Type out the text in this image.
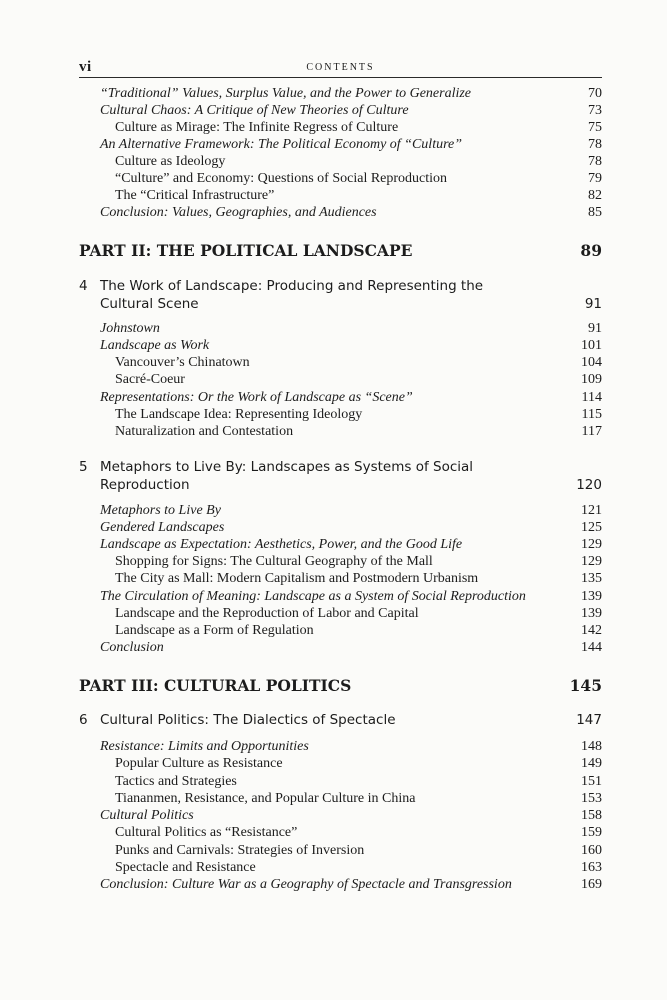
vi	CONTENTS
“Traditional” Values, Surplus Value, and the Power to Generalize	70
Cultural Chaos: A Critique of New Theories of Culture	73
Culture as Mirage: The Infinite Regress of Culture	75
An Alternative Framework: The Political Economy of “Culture”	78
Culture as Ideology	78
“Culture” and Economy: Questions of Social Reproduction	79
The “Critical Infrastructure”	82
Conclusion: Values, Geographies, and Audiences	85
PART II: THE POLITICAL LANDSCAPE	89
4 The Work of Landscape: Producing and Representing the
Cultural Scene	91
Johnstown	91
Landscape as Work	101
Vancouver’s Chinatown	104
Sacré-Coeur	109
Representations: Or the Work of Landscape as “Scene”	114
The Landscape Idea: Representing Ideology	115
Naturalization and Contestation	117
5 Metaphors to Live By: Landscapes as Systems of Social
Reproduction	120
Metaphors to Live By	121
Gendered Landscapes	125
Landscape as Expectation: Aesthetics, Power, and the Good Life	129
Shopping for Signs: The Cultural Geography of the Mall	129
The City as Mall: Modern Capitalism and Postmodern Urbanism	135
The Circulation of Meaning: Landscape as a System of Social Reproduction	139
Landscape and the Reproduction of Labor and Capital	139
Landscape as a Form of Regulation	142
Conclusion	144
PART III: CULTURAL POLITICS	145
6 Cultural Politics: The Dialectics of Spectacle	147
Resistance: Limits and Opportunities	148
Popular Culture as Resistance	149
Tactics and Strategies	151
Tiananmen, Resistance, and Popular Culture in China	153
Cultural Politics	158
Cultural Politics as “Resistance”	159
Punks and Carnivals: Strategies of Inversion	160
Spectacle and Resistance	163
Conclusion: Culture War as a Geography of Spectacle and Transgression	169
